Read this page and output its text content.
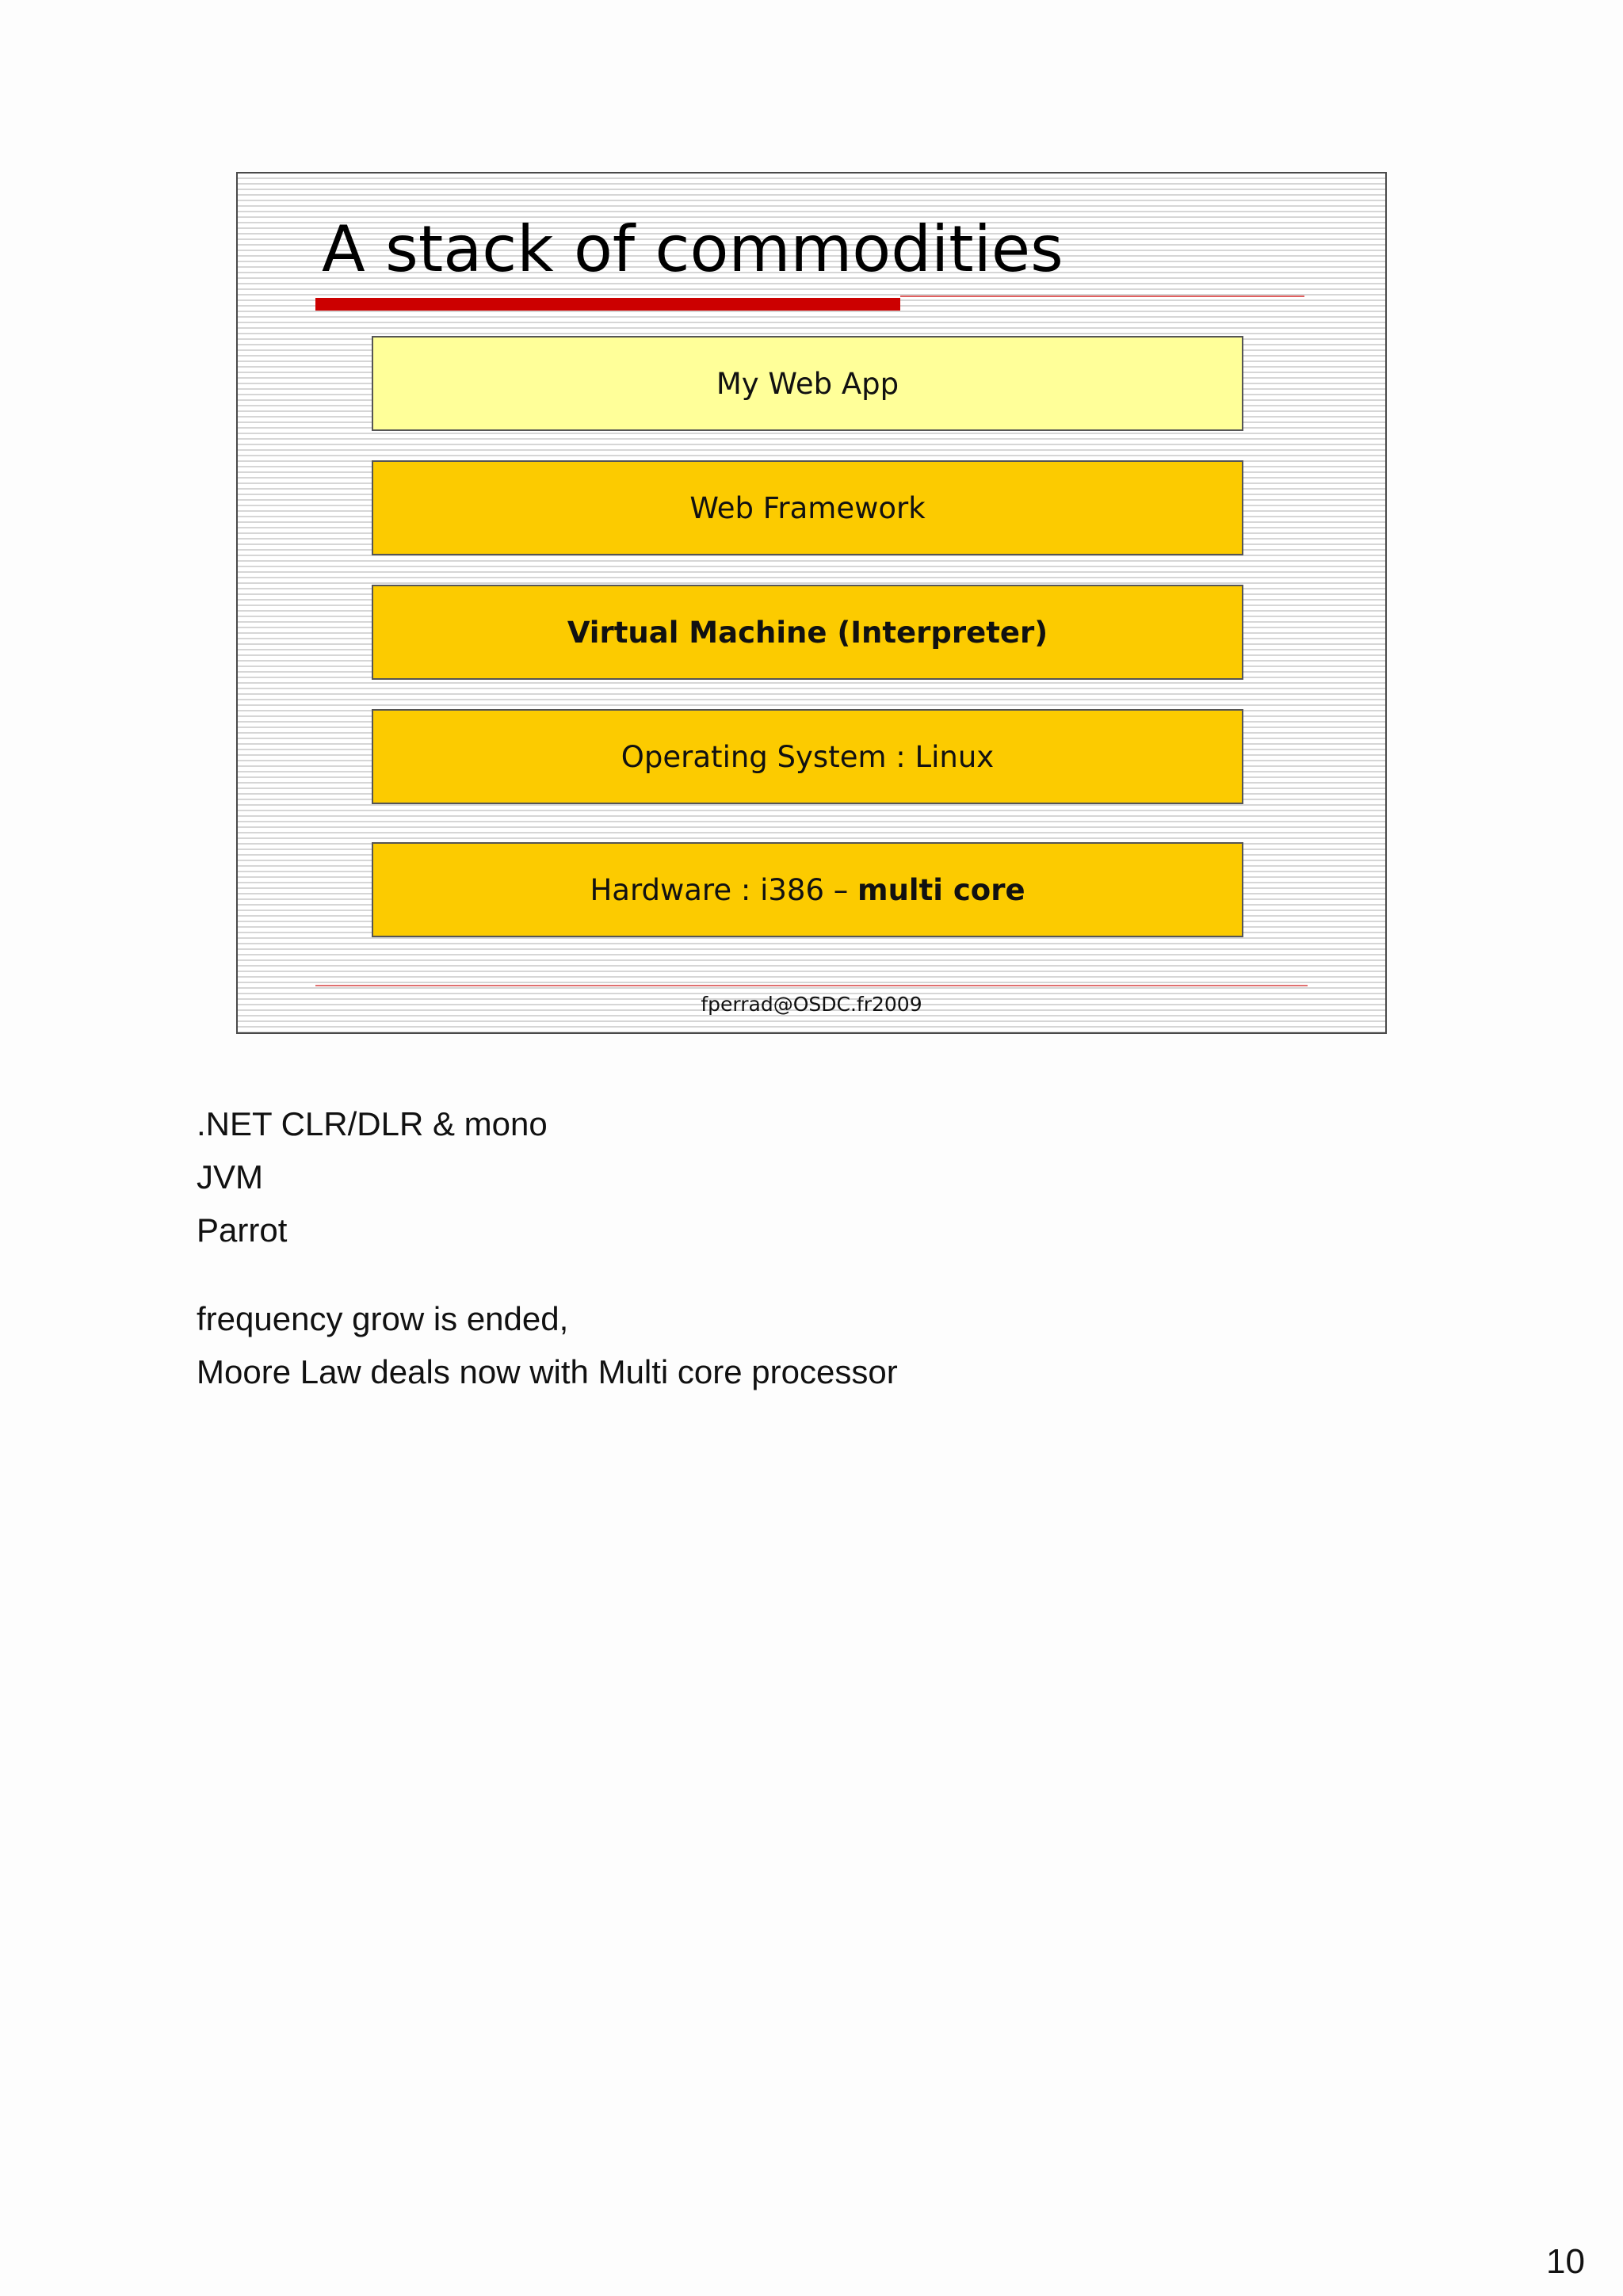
A stack of commodities
My Web App
Web Framework
Virtual Machine (Interpreter)
Operating System : Linux
Hardware : i386 – multi core
fperrad@OSDC.fr2009
.NET CLR/DLR & mono
JVM
Parrot
frequency grow is ended,
Moore Law deals now with Multi core processor
10
